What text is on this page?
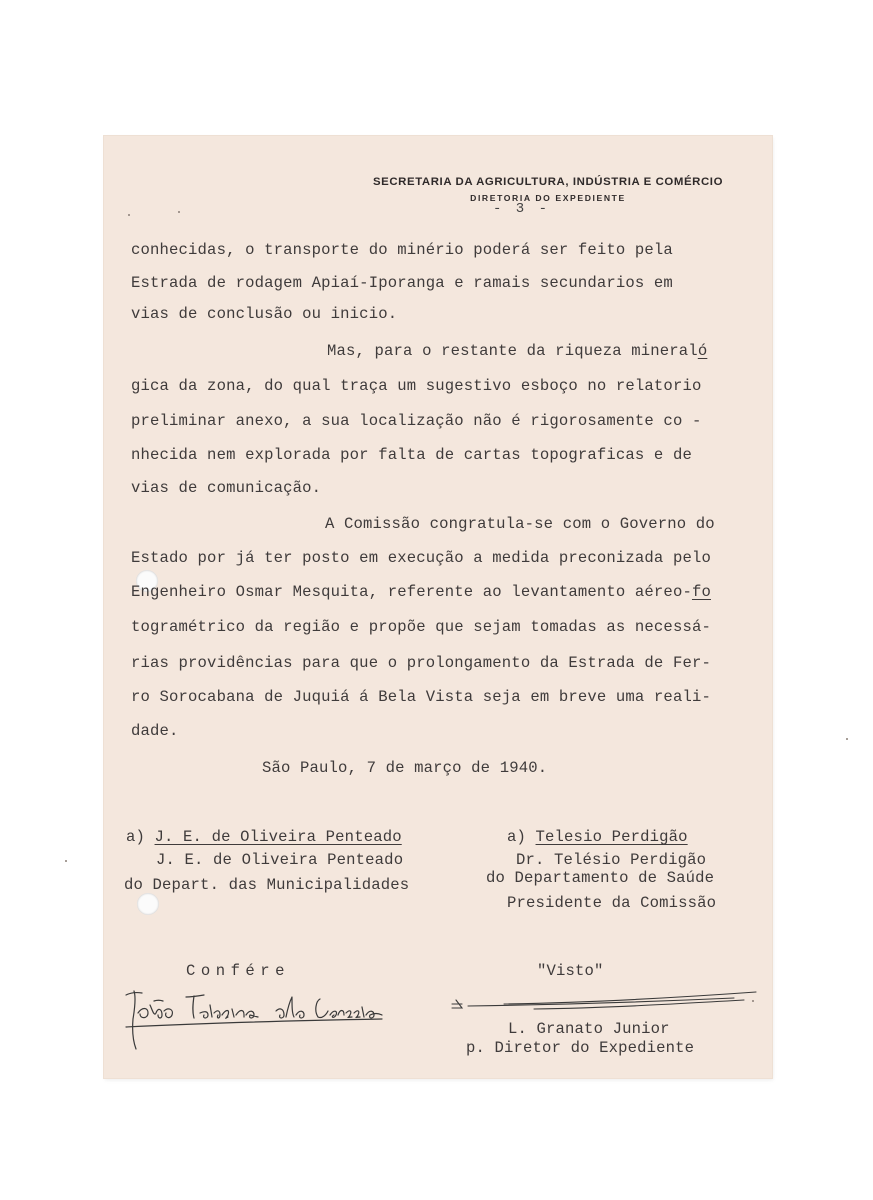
SECRETARIA DA AGRICULTURA, INDÚSTRIA E COMÉRCIO
DIRETORIA DO EXPEDIENTE
- 3 -
conhecidas, o transporte do minério poderá ser feito pela
Estrada de rodagem Apiaí-Iporanga e ramais secundarios em
vias de conclusão ou inicio.
Mas, para o restante da riqueza mineraló
gica da zona, do qual traça um sugestivo esboço no relatorio
preliminar anexo, a sua localização não é rigorosamente co -
nhecida nem explorada por falta de cartas topograficas e de
vias de comunicação.
A Comissão congratula-se com o Governo do
Estado por já ter posto em execução a medida preconizada pelo
Engenheiro Osmar Mesquita, referente ao levantamento aéreo-fo
togramétrico da região e propõe que sejam tomadas as necessá-
rias providências para que o prolongamento da Estrada de Fer-
ro Sorocabana de Juquiá á Bela Vista seja em breve uma reali-
dade.
São Paulo, 7 de março de 1940.
a) J. E. de Oliveira Penteado
J. E. de Oliveira Penteado
do Depart. das Municipalidades
a) Telesio Perdigão
Dr. Telésio Perdigão
do Departamento de Saúde
Presidente da Comissão
Confére	"Visto"
L. Granato Junior
p. Diretor do Expediente
